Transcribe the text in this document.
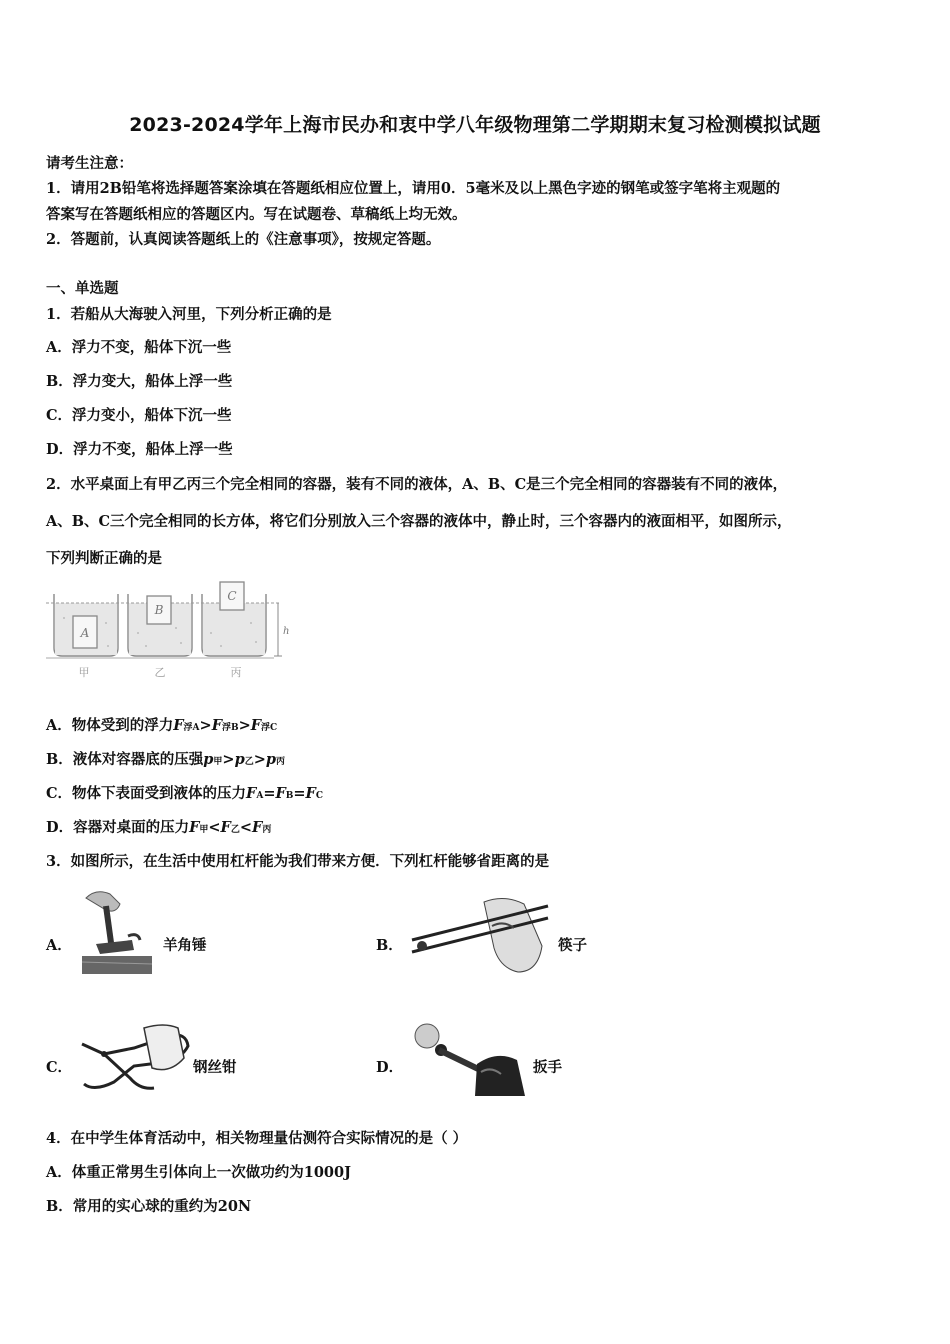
2023-2024学年上海市民办和衷中学八年级物理第二学期期末复习检测模拟试题
请考生注意：
1．请用2B铅笔将选择题答案涂填在答题纸相应位置上，请用0．5毫米及以上黑色字迹的钢笔或签字笔将主观题的
答案写在答题纸相应的答题区内。写在试题卷、草稿纸上均无效。
2．答题前，认真阅读答题纸上的《注意事项》，按规定答题。
一、单选题
1．若船从大海驶入河里，下列分析正确的是
A．浮力不变，船体下沉一些
B．浮力变大，船体上浮一些
C．浮力变小，船体下沉一些
D．浮力不变，船体上浮一些
2．水平桌面上有甲乙丙三个完全相同的容器，装有不同的液体，A、B、C是三个完全相同的容器装有不同的液体，
A、B、C三个完全相同的长方体，将它们分别放入三个容器的液体中，静止时，三个容器内的液面相平，如图所示，
下列判断正确的是
A
B
C
h
甲	乙	丙
A．物体受到的浮力F浮A>F浮B>F浮C
B．液体对容器底的压强p甲>p乙>p丙
C．物体下表面受到液体的压力FA=FB=FC
D．容器对桌面的压力F甲<F乙<F丙
3．如图所示，在生活中使用杠杆能为我们带来方便．下列杠杆能够省距离的是
A．	羊角锤	B．	筷子
C．	钢丝钳	D．	扳手
4．在中学生体育活动中，相关物理量估测符合实际情况的是（ ）
A．体重正常男生引体向上一次做功约为1000J
B．常用的实心球的重约为20N
